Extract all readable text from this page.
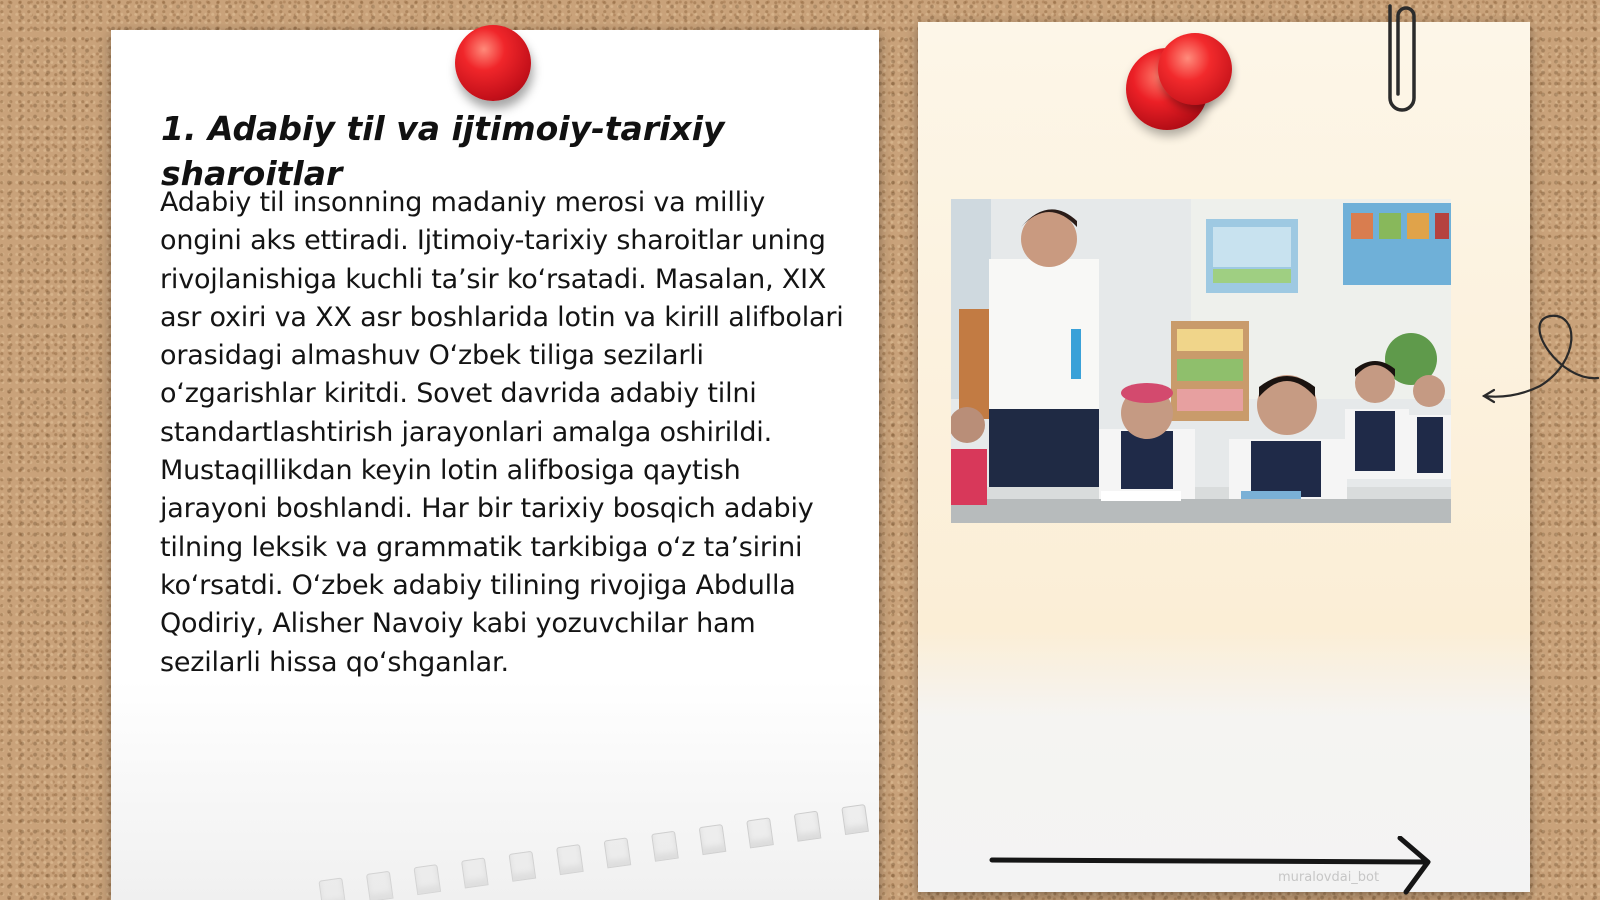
1. Adabiy til va ijtimoiy-tarixiy sharoitlar

Adabiy til insonning madaniy merosi va milliy ongini aks ettiradi. Ijtimoiy-tarixiy sharoitlar uning rivojlanishiga kuchli ta’sir ko‘rsatadi. Masalan, XIX asr oxiri va XX asr boshlarida lotin va kirill alifbolari orasidagi almashuv O‘zbek tiliga sezilarli o‘zgarishlar kiritdi. Sovet davrida adabiy tilni standartlashtirish jarayonlari amalga oshirildi. Mustaqillikdan keyin lotin alifbosiga qaytish jarayoni boshlandi. Har bir tarixiy bosqich adabiy tilning leksik va grammatik tarkibiga o‘z ta’sirini ko‘rsatdi. O‘zbek adabiy tilining rivojiga Abdulla Qodiriy, Alisher Navoiy kabi yozuvchilar ham sezilarli hissa qo‘shganlar.

muralovdai_bot
